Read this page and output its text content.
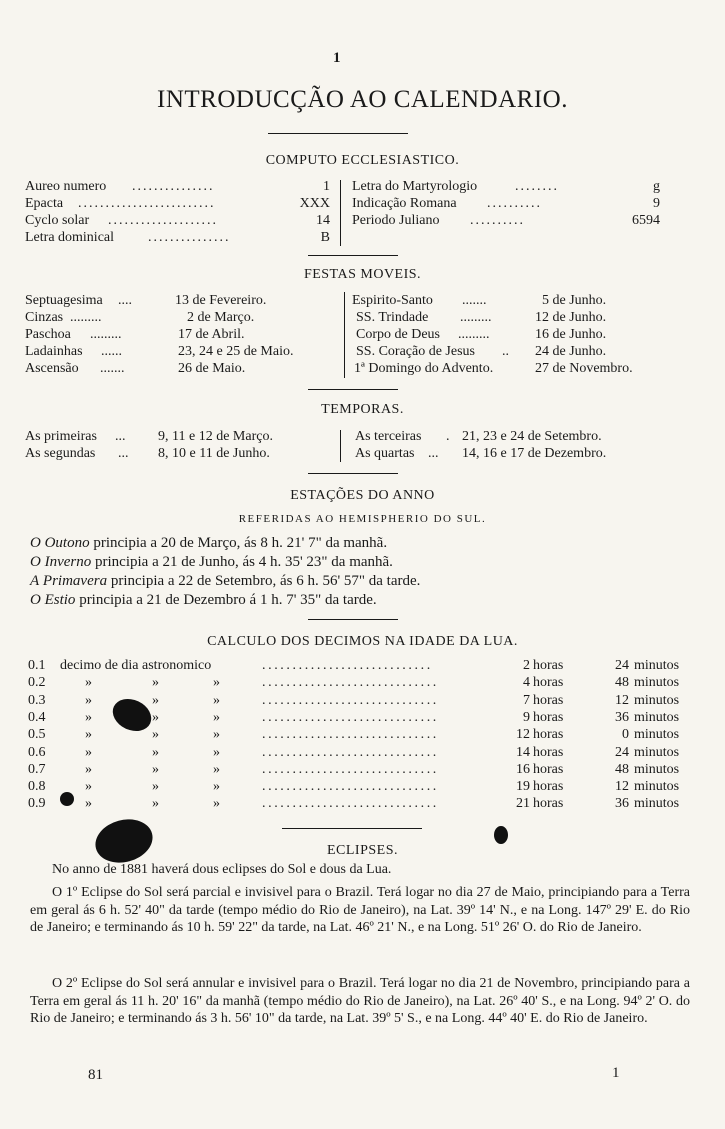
1
INTRODUCÇÃO AO CALENDARIO.
COMPUTO ECCLESIASTICO.
Aureo numero ...............	1 Letra do Martyrologio	........	g
Epacta .........................	XXX Indicação Romana ..........	9
Cyclo solar ....................	14 Periodo Juliano ..........	6594
Letra dominical ...............	B
FESTAS MOVEIS.
Septuagesima ....	13 de Fevereiro.	Espirito-Santo .......	5 de Junho.
Cinzas .........	2 de Março.	SS. Trindade .........	12 de Junho.
Paschoa .........	17 de Abril.	Corpo de Deus .........	16 de Junho.
Ladainhas ......	23, 24 e 25 de Maio.	SS. Coração de Jesus .. 24 de Junho.
Ascensão .......	26 de Maio.	1ª Domingo do Advento.	27 de Novembro.
TEMPORAS.
As primeiras ... 9, 11 e 12 de Março.	As terceiras . 21, 23 e 24 de Setembro.
As segundas ... 8, 10 e 11 de Junho.	As quartas ... 14, 16 e 17 de Dezembro.
ESTAÇÕES DO ANNO
REFERIDAS AO HEMISPHERIO DO SUL.
O Outono principia a 20 de Março, ás 8 h. 21' 7" da manhã.
O Inverno principia a 21 de Junho, ás 4 h. 35' 23" da manhã.
A Primavera principia a 22 de Setembro, ás 6 h. 56' 57" da tarde.
O Estio principia a 21 de Dezembro á 1 h. 7' 35" da tarde.
CALCULO DOS DECIMOS NA IDADE DA LUA.
0.1 decimo de dia astronomico	............................	2 horas	24 minutos
0.2	»	»	»	.............................	4 horas	48 minutos
0.3	»	»	»	.............................	7 horas	12 minutos
0.4	»	»	»	.............................	9 horas	36 minutos
0.5	»	»	»	.............................	12 horas	0 minutos
0.6	»	»	»	.............................	14 horas	24 minutos
0.7	»	»	»	.............................	16 horas	48 minutos
0.8	»	»	»	.............................	19 horas	12 minutos
0.9	»	»	»	.............................	21 horas	36 minutos
ECLIPSES.
No anno de 1881 haverá dous eclipses do Sol e dous da Lua.

O 1º Eclipse do Sol será parcial e invisivel para o Brazil. Terá logar no dia 27 de Maio, principiando para a Terra em geral ás 6 h. 52' 40" da tarde (tempo médio do Rio de Janeiro), na Lat. 39º 14' N., e na Long. 147º 29' E. do Rio de Janeiro; e terminando ás 10 h. 59' 22" da tarde, na Lat. 46º 21' N., e na Long. 51º 26' O. do Rio de Janeiro.

O 2º Eclipse do Sol será annular e invisivel para o Brazil. Terá logar no dia 21 de Novembro, principiando para a Terra em geral ás 11 h. 20' 16" da manhã (tempo médio do Rio de Janeiro), na Lat. 26º 40' S., e na Long. 94º 2' O. do Rio de Janeiro; e terminando ás 3 h. 56' 10" da tarde, na Lat. 39º 5' S., e na Long. 44º 40' E. do Rio de Janeiro.

81	1
